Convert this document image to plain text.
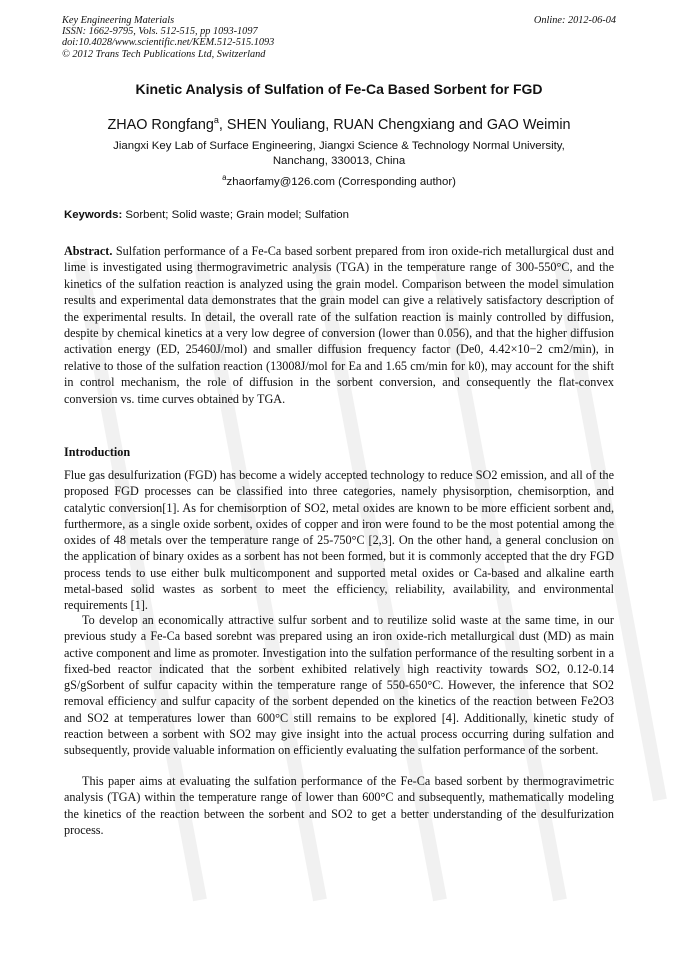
Key Engineering Materials
ISSN: 1662-9795, Vols. 512-515, pp 1093-1097
doi:10.4028/www.scientific.net/KEM.512-515.1093
© 2012 Trans Tech Publications Ltd, Switzerland
Online: 2012-06-04
Kinetic Analysis of Sulfation of Fe-Ca Based Sorbent for FGD
ZHAO Rongfang$^a$, SHEN Youliang, RUAN Chengxiang and GAO Weimin
Jiangxi Key Lab of Surface Engineering, Jiangxi Science & Technology Normal University, Nanchang, 330013, China
$^a$zhaorfamy@126.com (Corresponding author)
Keywords: Sorbent; Solid waste; Grain model; Sulfation
Abstract. Sulfation performance of a Fe-Ca based sorbent prepared from iron oxide-rich metallurgical dust and lime is investigated using thermogravimetric analysis (TGA) in the temperature range of 300-550°C, and the kinetics of the sulfation reaction is analyzed using the grain model. Comparison between the model simulation results and experimental data demonstrates that the grain model can give a relatively satisfactory description of the experimental results. In detail, the overall rate of the sulfation reaction is mainly controlled by diffusion, despite by chemical kinetics at a very low degree of conversion (lower than 0.056), and that the higher diffusion activation energy (ED, 25460J/mol) and smaller diffusion frequency factor (De0, 4.42×10−2 cm2/min), in relative to those of the sulfation reaction (13008J/mol for Ea and 1.65 cm/min for k0), may account for the shift in control mechanism, the role of diffusion in the sorbent conversion, and consequently the flat-convex conversion vs. time curves obtained by TGA.
Introduction
Flue gas desulfurization (FGD) has become a widely accepted technology to reduce SO2 emission, and all of the proposed FGD processes can be classified into three categories, namely physisorption, chemisorption, and catalytic conversion[1]. As for chemisorption of SO2, metal oxides are known to be more efficient sorbent and, furthermore, as a single oxide sorbent, oxides of copper and iron were found to be the most potential among the oxides of 48 metals over the temperature range of 25-750°C [2,3]. On the other hand, a general conclusion on the application of binary oxides as a sorbent has not been formed, but it is commonly accepted that the dry FGD process tends to use either bulk multicomponent and supported metal oxides or Ca-based and alkaline earth metal-based solid wastes as sorbent to meet the efficiency, reliability, availability, and environmental requirements [1].
To develop an economically attractive sulfur sorbent and to reutilize solid waste at the same time, in our previous study a Fe-Ca based sorebnt was prepared using an iron oxide-rich metallurgical dust (MD) as main active component and lime as promoter. Investigation into the sulfation performance of the resulting sorbent in a fixed-bed reactor indicated that the sorbent exhibited relatively high reactivity towards SO2, 0.12-0.14 gS/gSorbent of sulfur capacity within the temperature range of 550-650°C. However, the inference that SO2 removal efficiency and sulfur capacity of the sorbent depended on the kinetics of the reaction between Fe2O3 and SO2 at temperatures lower than 600°C still remains to be explored [4]. Additionally, kinetic study of reaction between a sorbent with SO2 may give insight into the actual process occurring during sulfation and subsequently, provide valuable information on efficiently evaluating the sulfation performance of the sorbent.
This paper aims at evaluating the sulfation performance of the Fe-Ca based sorbent by thermogravimetric analysis (TGA) within the temperature range of lower than 600°C and subsequently, mathematically modeling the kinetics of the reaction between the sorbent and SO2 to get a better understanding of the desulfurization process.
